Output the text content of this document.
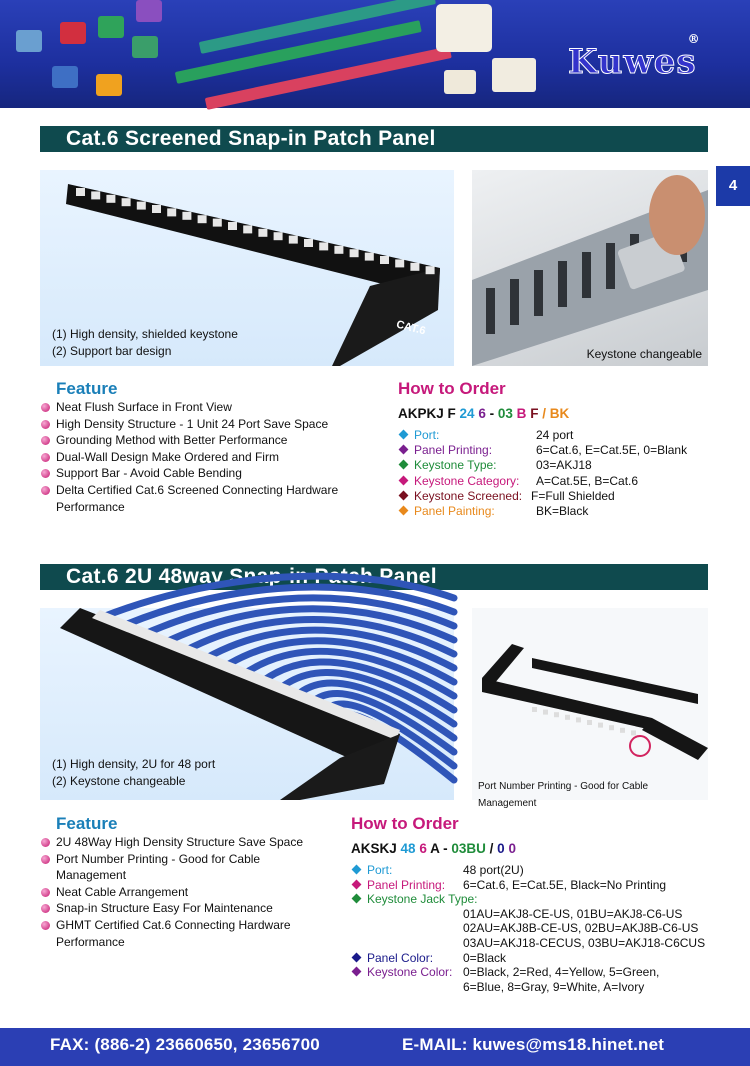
Kuwes
®
4
Cat.6 Screened Snap-in Patch Panel
CAT.6
(1) High density, shielded keystone
(2) Support bar design	Keystone changeable
Feature
Neat Flush Surface in Front View
High Density Structure - 1 Unit 24 Port Save Space
Grounding Method with Better Performance
Dual-Wall Design Make Ordered and Firm
Support Bar - Avoid Cable Bending
Delta Certified Cat.6 Screened Connecting Hardware Performance
How to Order
AKPKJ F 24 6 - 03 B F / BK
Port:	24 port
Panel Printing:	6=Cat.6, E=Cat.5E, 0=Blank
Keystone Type:	03=AKJ18
Keystone Category: A=Cat.5E, B=Cat.6
Keystone Screened: F=Full Shielded
Panel Painting:	BK=Black
Cat.6 2U 48way Snap-in Patch Panel
(1) High density, 2U for 48 port
(2) Keystone changeable	Port Number Printing - Good for Cable Management
Feature
2U 48Way High Density Structure Save Space
Port Number Printing - Good for Cable Management
Neat Cable Arrangement
Snap-in Structure Easy For Maintenance
GHMT Certified Cat.6 Connecting Hardware Performance
How to Order
AKSKJ 48 6 A - 03BU / 0 0
Port:	48 port(2U)
Panel Printing: 6=Cat.6, E=Cat.5E, Black=No Printing
Keystone Jack Type:
01AU=AKJ8-CE-US, 01BU=AKJ8-C6-US
02AU=AKJ8B-CE-US, 02BU=AKJ8B-C6-US
03AU=AKJ18-CECUS, 03BU=AKJ18-C6CUS
Panel Color: 0=Black
Keystone Color: 0=Black, 2=Red, 4=Yellow, 5=Green,
6=Blue, 8=Gray, 9=White, A=Ivory
FAX: (886-2) 23660650, 23656700	E-MAIL: kuwes@ms18.hinet.net
